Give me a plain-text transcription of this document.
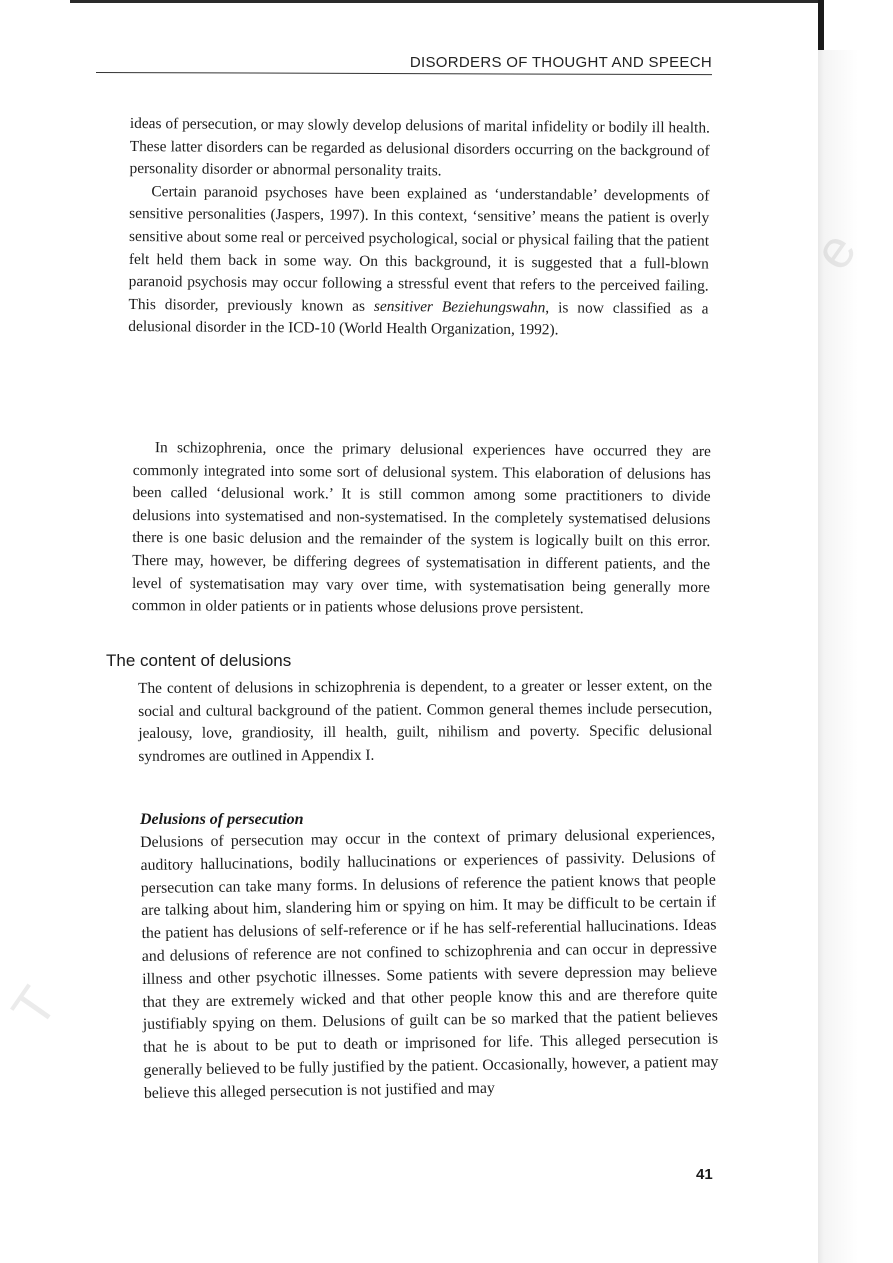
T
e
DISORDERS OF THOUGHT AND SPEECH

ideas of persecution, or may slowly develop delusions of marital infidelity or bodily ill health. These latter disorders can be regarded as delusional disorders occurring on the background of personality disorder or abnormal personality traits.

Certain paranoid psychoses have been explained as ‘understandable’ developments of sensitive personalities (Jaspers, 1997). In this context, ‘sensitive’ means the patient is overly sensitive about some real or perceived psychological, social or physical failing that the patient felt held them back in some way. On this background, it is suggested that a full-blown paranoid psychosis may occur following a stressful event that refers to the perceived failing. This disorder, previously known as sensitiver Beziehungswahn, is now classified as a delusional disorder in the ICD-10 (World Health Organization, 1992).

In schizophrenia, once the primary delusional experiences have occurred they are commonly integrated into some sort of delusional system. This elaboration of delusions has been called ‘delusional work.’ It is still common among some practitioners to divide delusions into systematised and non-systematised. In the completely systematised delusions there is one basic delusion and the remainder of the system is logically built on this error. There may, however, be differing degrees of systematisation in different patients, and the level of systematisation may vary over time, with systematisation being generally more common in older patients or in patients whose delusions prove persistent.

The content of delusions

The content of delusions in schizophrenia is dependent, to a greater or lesser extent, on the social and cultural background of the patient. Common general themes include persecution, jealousy, love, grandiosity, ill health, guilt, nihilism and poverty. Specific delusional syndromes are outlined in Appendix I.

Delusions of persecution

Delusions of persecution may occur in the context of primary delusional experiences, auditory hallucinations, bodily hallucinations or experiences of passivity. Delusions of persecution can take many forms. In delusions of reference the patient knows that people are talking about him, slandering him or spying on him. It may be difficult to be certain if the patient has delusions of self-reference or if he has self-referential hallucinations. Ideas and delusions of reference are not confined to schizophrenia and can occur in depressive illness and other psychotic illnesses. Some patients with severe depression may believe that they are extremely wicked and that other people know this and are therefore quite justifiably spying on them. Delusions of guilt can be so marked that the patient believes that he is about to be put to death or imprisoned for life. This alleged persecution is generally believed to be fully justified by the patient. Occasionally, however, a patient may believe this alleged persecution is not justified and may

41
